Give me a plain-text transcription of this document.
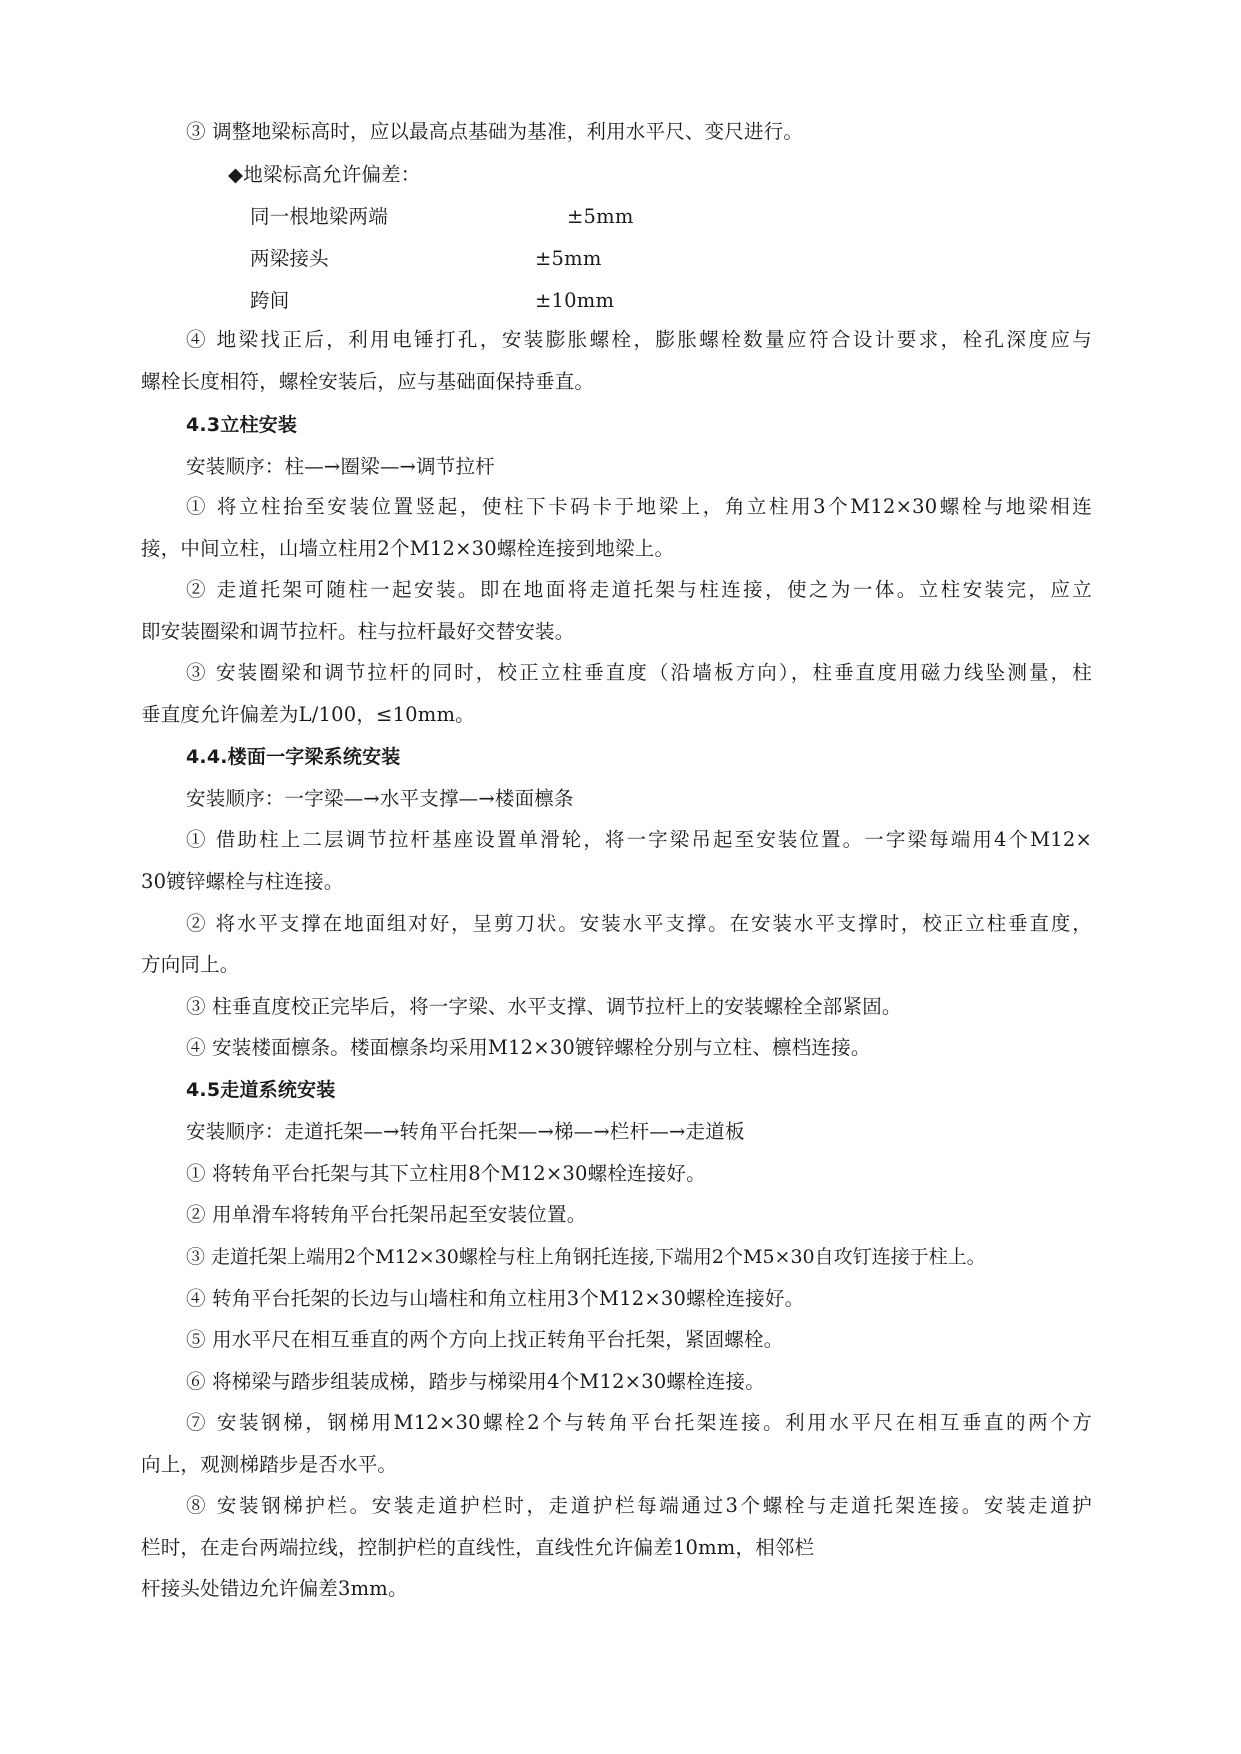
③ 调整地梁标高时，应以最高点基础为基准，利用水平尺、变尺进行。
◆地梁标高允许偏差：
同一根地梁两端	±5mm
两梁接头	±5mm
跨间	±10mm
④ 地梁找正后，利用电锤打孔，安装膨胀螺栓，膨胀螺栓数量应符合设计要求，栓孔深度应与
螺栓长度相符，螺栓安装后，应与基础面保持垂直。
4.3立柱安装
安装顺序：柱—→圈梁—→调节拉杆
① 将立柱抬至安装位置竖起，使柱下卡码卡于地梁上，角立柱用3个M12×30螺栓与地梁相连
接，中间立柱，山墙立柱用2个M12×30螺栓连接到地梁上。
② 走道托架可随柱一起安装。即在地面将走道托架与柱连接，使之为一体。立柱安装完，应立
即安装圈梁和调节拉杆。柱与拉杆最好交替安装。
③ 安装圈梁和调节拉杆的同时，校正立柱垂直度（沿墙板方向），柱垂直度用磁力线坠测量，柱
垂直度允许偏差为L/100，≤10mm。
4.4.楼面一字梁系统安装
安装顺序：一字梁—→水平支撑—→楼面檩条
① 借助柱上二层调节拉杆基座设置单滑轮，将一字梁吊起至安装位置。一字梁每端用4个M12×
30镀锌螺栓与柱连接。
② 将水平支撑在地面组对好，呈剪刀状。安装水平支撑。在安装水平支撑时，校正立柱垂直度，
方向同上。
③ 柱垂直度校正完毕后，将一字梁、水平支撑、调节拉杆上的安装螺栓全部紧固。
④ 安装楼面檩条。楼面檩条均采用M12×30镀锌螺栓分别与立柱、檩档连接。
4.5走道系统安装
安装顺序：走道托架—→转角平台托架—→梯—→栏杆—→走道板
① 将转角平台托架与其下立柱用8个M12×30螺栓连接好。
② 用单滑车将转角平台托架吊起至安装位置。
③ 走道托架上端用2个M12×30螺栓与柱上角钢托连接,下端用2个M5×30自攻钉连接于柱上。
④ 转角平台托架的长边与山墙柱和角立柱用3个M12×30螺栓连接好。
⑤ 用水平尺在相互垂直的两个方向上找正转角平台托架，紧固螺栓。
⑥ 将梯梁与踏步组装成梯，踏步与梯梁用4个M12×30螺栓连接。
⑦ 安装钢梯，钢梯用M12×30螺栓2个与转角平台托架连接。利用水平尺在相互垂直的两个方
向上，观测梯踏步是否水平。
⑧ 安装钢梯护栏。安装走道护栏时，走道护栏每端通过3个螺栓与走道托架连接。安装走道护
栏时，在走台两端拉线，控制护栏的直线性，直线性允许偏差10mm，相邻栏
杆接头处错边允许偏差3mm。
